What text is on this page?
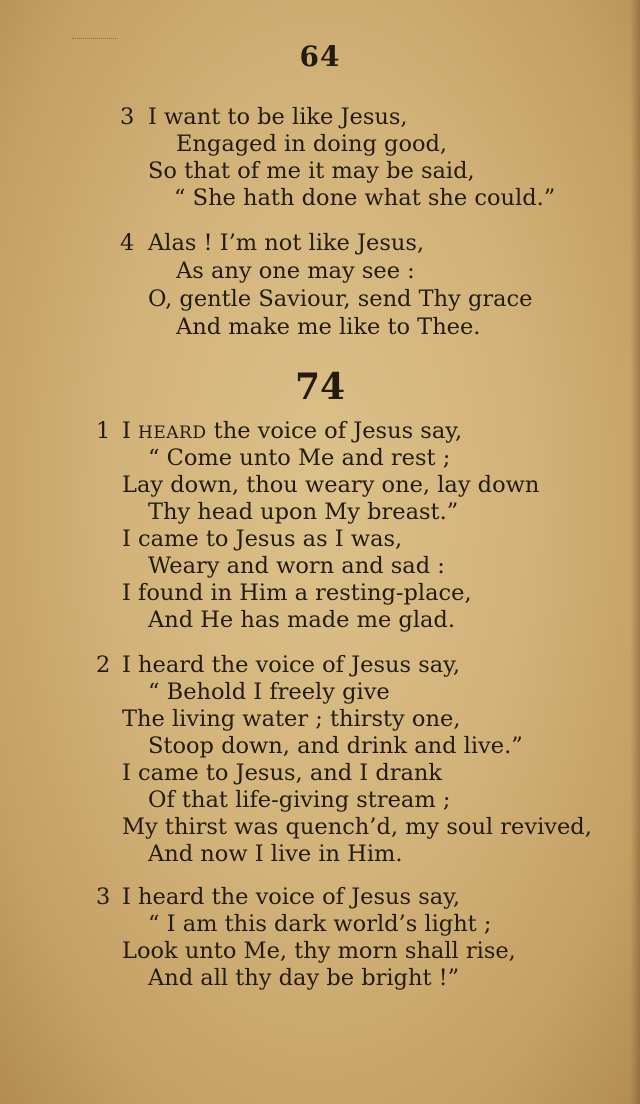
64
3 I want to be like Jesus,
Engaged in doing good,
So that of me it may be said,
“ She hath done what she could.”
4 Alas ! I’m not like Jesus,
As any one may see :
O, gentle Saviour, send Thy grace
And make me like to Thee.
74
1 I HEARD the voice of Jesus say,
“ Come unto Me and rest ;
Lay down, thou weary one, lay down
Thy head upon My breast.”
I came to Jesus as I was,
Weary and worn and sad :
I found in Him a resting-place,
And He has made me glad.
2 I heard the voice of Jesus say,
“ Behold I freely give
The living water ; thirsty one,
Stoop down, and drink and live.”
I came to Jesus, and I drank
Of that life-giving stream ;
My thirst was quench’d, my soul revived,
And now I live in Him.
3 I heard the voice of Jesus say,
“ I am this dark world’s light ;
Look unto Me, thy morn shall rise,
And all thy day be bright !”
